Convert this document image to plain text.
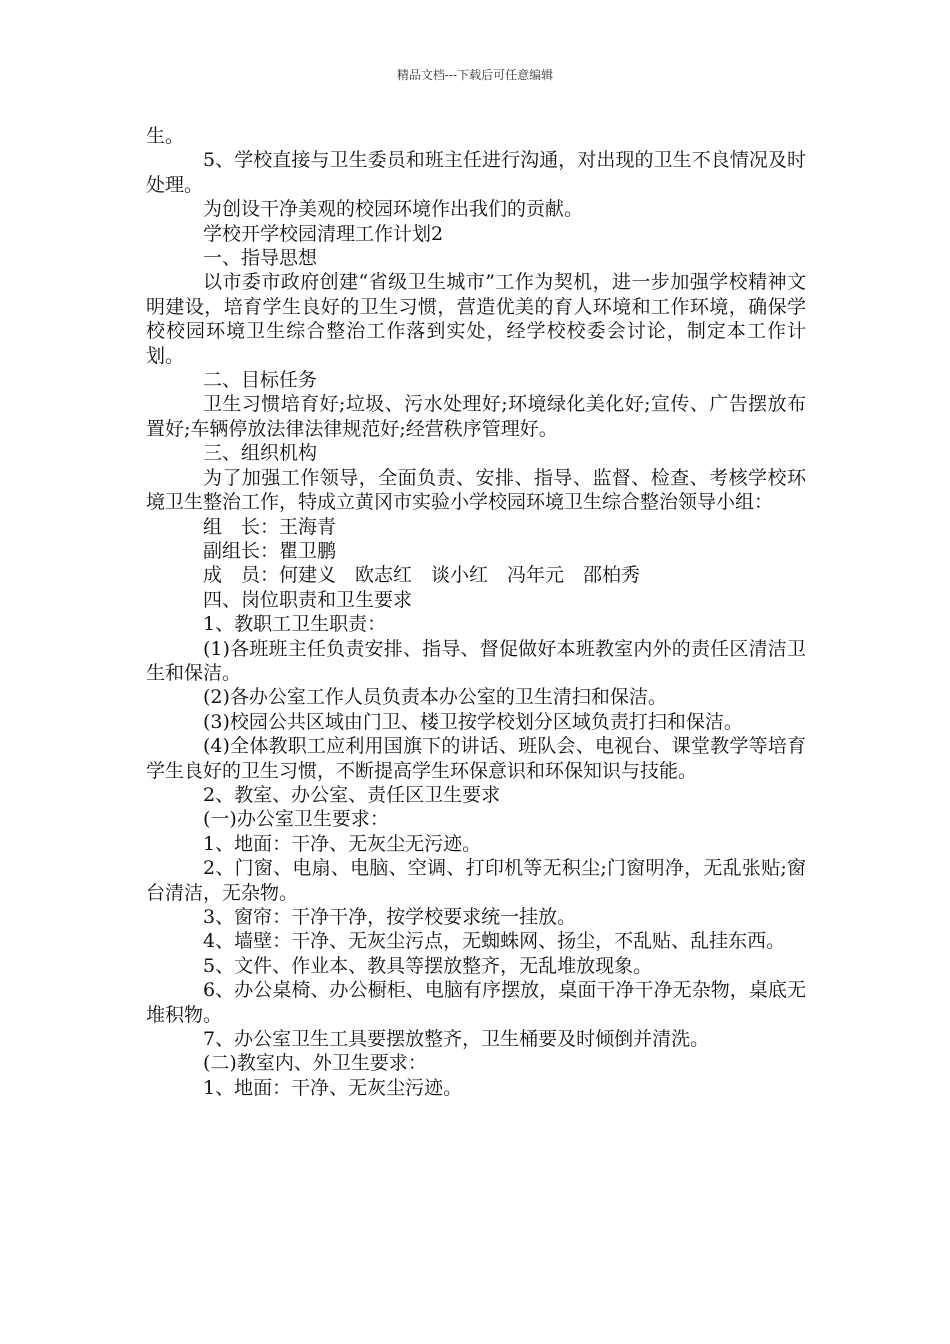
精品文档---下载后可任意编辑

生。

5、学校直接与卫生委员和班主任进行沟通，对出现的卫生不良情况及时处理。

为创设干净美观的校园环境作出我们的贡献。

学校开学校园清理工作计划2

一、指导思想

以市委市政府创建“省级卫生城市”工作为契机，进一步加强学校精神文明建设，培育学生良好的卫生习惯，营造优美的育人环境和工作环境，确保学校校园环境卫生综合整治工作落到实处，经学校校委会讨论，制定本工作计划。

二、目标任务

卫生习惯培育好;垃圾、污水处理好;环境绿化美化好;宣传、广告摆放布置好;车辆停放法律法律规范好;经营秩序管理好。

三、组织机构

为了加强工作领导，全面负责、安排、指导、监督、检查、考核学校环境卫生整治工作，特成立黄冈市实验小学校园环境卫生综合整治领导小组：

组　长：王海青

副组长：瞿卫鹏

成　员：何建义　欧志红　谈小红　冯年元　邵柏秀

四、岗位职责和卫生要求

1、教职工卫生职责：

(1)各班班主任负责安排、指导、督促做好本班教室内外的责任区清洁卫生和保洁。

(2)各办公室工作人员负责本办公室的卫生清扫和保洁。

(3)校园公共区域由门卫、楼卫按学校划分区域负责打扫和保洁。

(4)全体教职工应利用国旗下的讲话、班队会、电视台、课堂教学等培育学生良好的卫生习惯，不断提高学生环保意识和环保知识与技能。

2、教室、办公室、责任区卫生要求

(一)办公室卫生要求：

1、地面：干净、无灰尘无污迹。

2、门窗、电扇、电脑、空调、打印机等无积尘;门窗明净，无乱张贴;窗台清洁，无杂物。

3、窗帘：干净干净，按学校要求统一挂放。

4、墙壁：干净、无灰尘污点，无蜘蛛网、扬尘，不乱贴、乱挂东西。

5、文件、作业本、教具等摆放整齐，无乱堆放现象。

6、办公桌椅、办公橱柜、电脑有序摆放，桌面干净干净无杂物，桌底无堆积物。

7、办公室卫生工具要摆放整齐，卫生桶要及时倾倒并清洗。

(二)教室内、外卫生要求：

1、地面：干净、无灰尘污迹。
